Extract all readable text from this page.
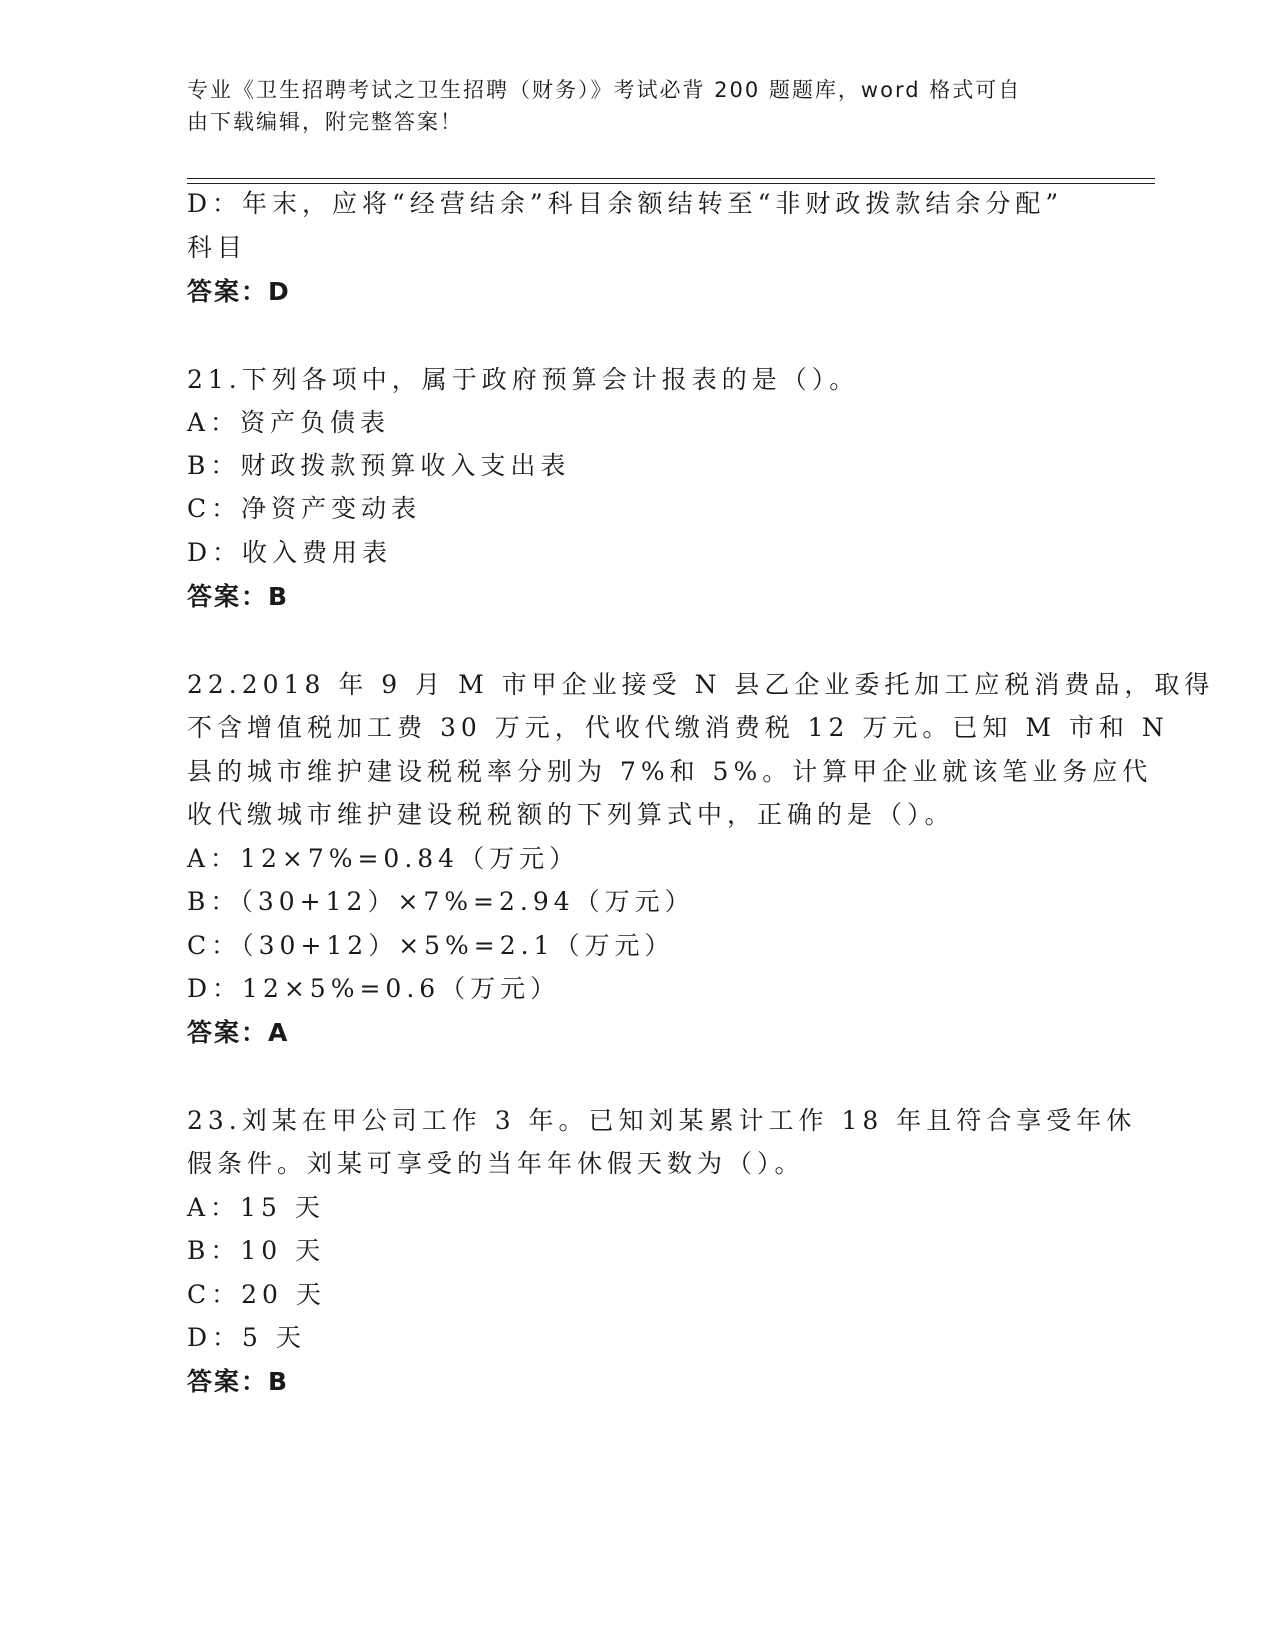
专业《卫生招聘考试之卫生招聘（财务）》考试必背 200 题题库，word 格式可自
由下载编辑，附完整答案！
D：年末，应将“经营结余”科目余额结转至“非财政拨款结余分配”
科目
答案：D
21.下列各项中，属于政府预算会计报表的是（）。
A：资产负债表
B：财政拨款预算收入支出表
C：净资产变动表
D：收入费用表
答案：B
22.2018 年 9 月 M 市甲企业接受 N 县乙企业委托加工应税消费品，取得
不含增值税加工费 30 万元，代收代缴消费税 12 万元。已知 M 市和 N
县的城市维护建设税税率分别为 7%和 5%。计算甲企业就该笔业务应代
收代缴城市维护建设税税额的下列算式中，正确的是（）。
A：12×7%=0.84（万元）
B：（30+12）×7%=2.94（万元）
C：（30+12）×5%=2.1（万元）
D：12×5%=0.6（万元）
答案：A
23.刘某在甲公司工作 3 年。已知刘某累计工作 18 年且符合享受年休
假条件。刘某可享受的当年年休假天数为（）。
A：15 天
B：10 天
C：20 天
D：5 天
答案：B
